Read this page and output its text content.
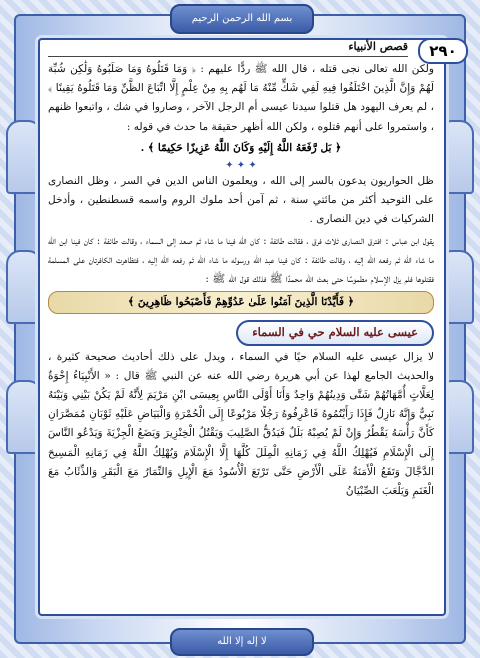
بسم الله الرحمن الرحيم
لا إله إلا الله
٢٩٠
قصص الأنبياء

ولكن الله تعالى نجى قتله ، قال الله ﷺ ردًّا عليهم : ﴿ وَمَا قَتَلُوهُ وَمَا صَلَبُوهُ وَلَٰكِن شُبِّهَ لَهُمْ وَإِنَّ الَّذِينَ اخْتَلَفُوا فِيهِ لَفِي شَكٍّ مِّنْهُ مَا لَهُم بِهِ مِنْ عِلْمٍ إِلَّا اتِّبَاعَ الظَّنِّ وَمَا قَتَلُوهُ يَقِينًا ﴾ ، لم يعرف اليهود هل قتلوا سيدنا عيسى أم الرجل الآخر ، وصاروا في شك ، واتبعوا ظنهم ، واستمروا على أنهم قتلوه ، ولكن الله أظهر حقيقة ما حدث في قوله :

﴿ بَل رَّفَعَهُ اللَّهُ إِلَيْهِ وَكَانَ اللَّهُ عَزِيزًا حَكِيمًا ﴾ .
✦ ✦ ✦

ظل الحواريون يدعون بالسر إلى الله ، ويعلمون الناس الدين في السر ، وظل النصارى على التوحيد أكثر من مائتي سنة ، ثم آمن أحد ملوك الروم واسمه قسطنطين ، وأدخل الشركيات في دين النصارى .

يقول ابن عباس : افترق النصارى ثلاث فرق ، فقالت طائفة : كان الله فينا ما شاء ثم صعد إلى السماء ، وقالت طائفة : كان فينا ابن الله ما شاء الله ثم رفعه الله إليه ، وقالت طائفة : كان فينا عبد الله ورسوله ما شاء الله ثم رفعه الله إليه ، فتظاهرت الكافرتان على المسلمة فقتلوها فلم يزل الإسلام مطموسًا حتى بعث الله محمدًا ﷺ فذلك قول الله ﷺ :

﴿ فَأَيَّدْنَا الَّذِينَ آمَنُوا عَلَىٰ عَدُوِّهِمْ فَأَصْبَحُوا ظَاهِرِينَ ﴾
عيسى عليه السلام حي في السماء

لا يزال عيسى عليه السلام حيًا في السماء ، ويدل على ذلك أحاديث صحيحة كثيرة ، والحديث الجامع لهذا عن أبي هريرة رضي الله عنه عن النبي ﷺ قال : « الأَنْبِيَاءُ إِخْوَةٌ لِعَلَّاتٍ أُمَّهَاتُهُمْ شَتَّى وَدِينُهُمْ وَاحِدٌ وَأَنَا أَوْلَى النَّاسِ بِعِيسَى ابْنِ مَرْيَمَ لِأَنَّهُ لَمْ يَكُنْ بَيْنِي وَبَيْنَهُ نَبِيٌّ وَإِنَّهُ نَازِلٌ فَإِذَا رَأَيْتُمُوهُ فَاعْرِفُوهُ رَجُلًا مَرْبُوعًا إِلَى الْحُمْرَةِ وَالْبَيَاضِ عَلَيْهِ ثَوْبَانِ مُمَصَّرَانِ كَأَنَّ رَأْسَهُ يَقْطُرُ وَإِنْ لَمْ يُصِبْهُ بَلَلٌ فَيَدُقُّ الصَّلِيبَ وَيَقْتُلُ الْخِنْزِيرَ وَيَضَعُ الْجِزْيَةَ وَيَدْعُو النَّاسَ إِلَى الْإِسْلَامِ فَيُهْلِكُ اللَّهُ فِي زَمَانِهِ الْمِلَلَ كُلَّهَا إِلَّا الْإِسْلَامَ وَيُهْلِكُ اللَّهُ فِي زَمَانِهِ الْمَسِيحَ الدَّجَّالَ وَتَقَعُ الْأَمَنَةُ عَلَى الْأَرْضِ حَتَّى تَرْتَعَ الْأُسُودُ مَعَ الْإِبِلِ وَالنِّمَارُ مَعَ الْبَقَرِ وَالذِّئَابُ مَعَ الْغَنَمِ وَيَلْعَبَ الصِّبْيَانُ
